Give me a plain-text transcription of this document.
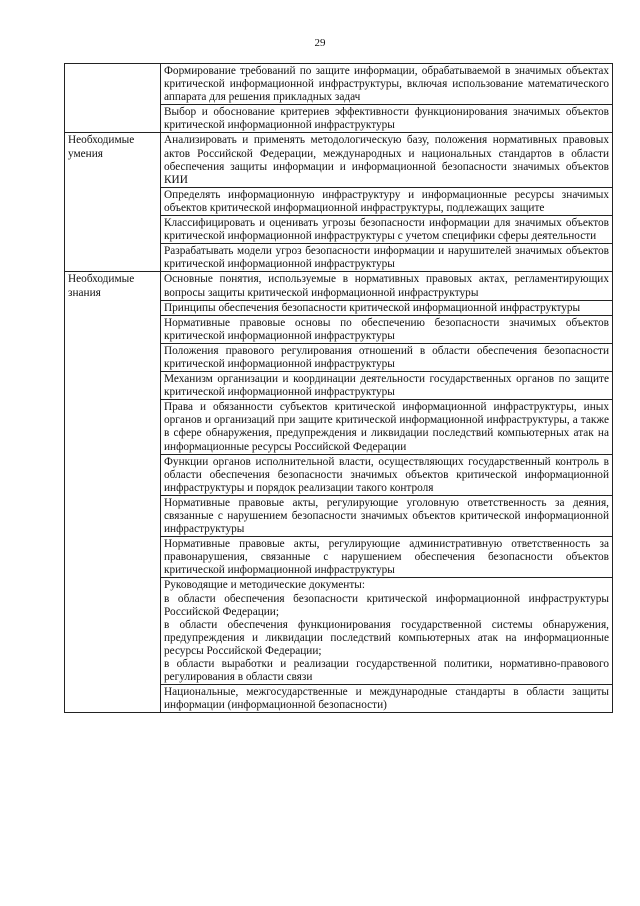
29
	Формирование требований по защите информации, обрабатываемой в значимых объектах критической информационной инфраструктуры, включая использование математического аппарата для решения прикладных задач
	Выбор и обоснование критериев эффективности функционирования значимых объектов критической информационной инфраструктуры
Необходимые умения	Анализировать и применять методологическую базу, положения нормативных правовых актов Российской Федерации, международных и национальных стандартов в области обеспечения защиты информации и информационной безопасности значимых объектов КИИ
	Определять информационную инфраструктуру и информационные ресурсы значимых объектов критической информационной инфраструктуры, подлежащих защите
	Классифицировать и оценивать угрозы безопасности информации для значимых объектов критической информационной инфраструктуры с учетом специфики сферы деятельности
	Разрабатывать модели угроз безопасности информации и нарушителей значимых объектов критической информационной инфраструктуры
Необходимые знания	Основные понятия, используемые в нормативных правовых актах, регламентирующих вопросы защиты критической информационной инфраструктуры
	Принципы обеспечения безопасности критической информационной инфраструктуры
	Нормативные правовые основы по обеспечению безопасности значимых объектов критической информационной инфраструктуры
	Положения правового регулирования отношений в области обеспечения безопасности критической информационной инфраструктуры
	Механизм организации и координации деятельности государственных органов по защите критической информационной инфраструктуры
	Права и обязанности субъектов критической информационной инфраструктуры, иных органов и организаций при защите критической информационной инфраструктуры, а также в сфере обнаружения, предупреждения и ликвидации последствий компьютерных атак на информационные ресурсы Российской Федерации
	Функции органов исполнительной власти, осуществляющих государственный контроль в области обеспечения безопасности значимых объектов критической информационной инфраструктуры и порядок реализации такого контроля
	Нормативные правовые акты, регулирующие уголовную ответственность за деяния, связанные с нарушением безопасности значимых объектов критической информационной инфраструктуры
	Нормативные правовые акты, регулирующие административную ответственность за правонарушения, связанные с нарушением обеспечения безопасности объектов критической информационной инфраструктуры

	Руководящие и методические документы:
в области обеспечения безопасности критической информационной инфраструктуры Российской Федерации;
в области обеспечения функционирования государственной системы обнаружения, предупреждения и ликвидации последствий компьютерных атак на информационные ресурсы Российской Федерации;
в области выработки и реализации государственной политики, нормативно-правового регулирования в области связи

	Национальные, межгосударственные и международные стандарты в области защиты информации (информационной безопасности)
